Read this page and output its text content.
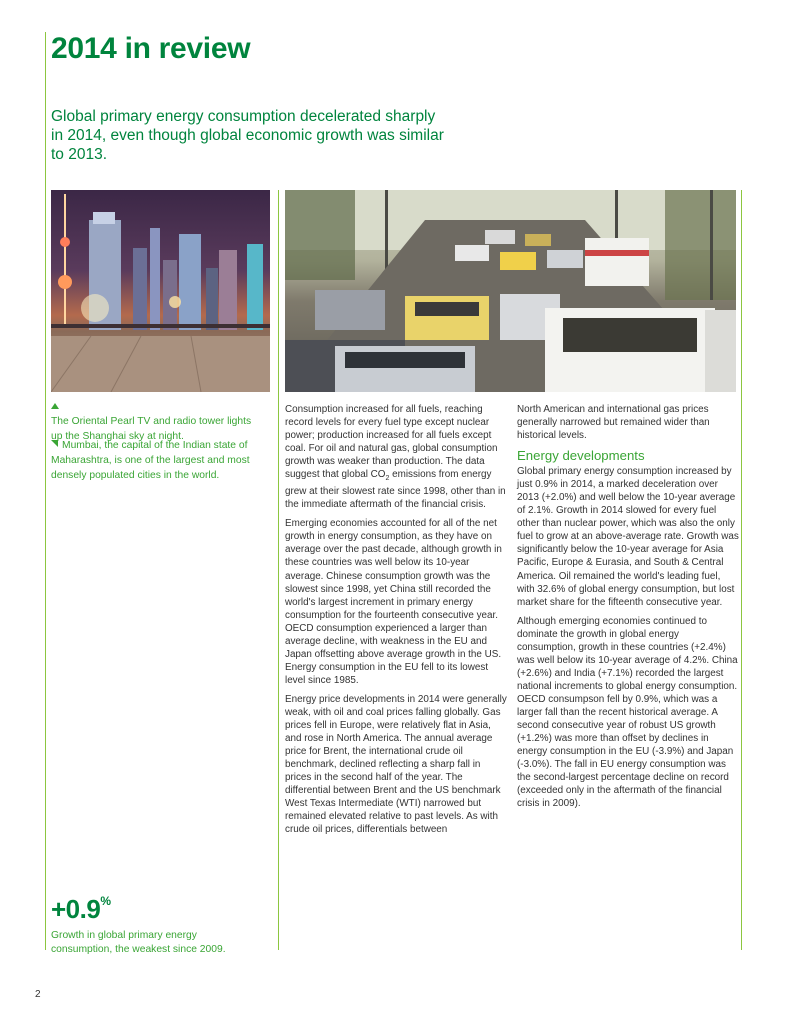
2014 in review

Global primary energy consumption decelerated sharply in 2014, even though global economic growth was similar to 2013.

The Oriental Pearl TV and radio tower lights up the Shanghai sky at night.

Mumbai, the capital of the Indian state of Maharashtra, is one of the largest and most densely populated cities in the world.

Consumption increased for all fuels, reaching record levels for every fuel type except nuclear power; production increased for all fuels except coal. For oil and natural gas, global consumption growth was weaker than production. The data suggest that global $CO_2$ emissions from energy grew at their slowest rate since 1998, other than in the immediate aftermath of the financial crisis.

Emerging economies accounted for all of the net growth in energy consumption, as they have on average over the past decade, although growth in these countries was well below its 10-year average. Chinese consumption growth was the slowest since 1998, yet China still recorded the world's largest increment in primary energy consumption for the fourteenth consecutive year. OECD consumption experienced a larger than average decline, with weakness in the EU and Japan offsetting above average growth in the US. Energy consumption in the EU fell to its lowest level since 1985.

Energy price developments in 2014 were generally weak, with oil and coal prices falling globally. Gas prices fell in Europe, were relatively flat in Asia, and rose in North America. The annual average price for Brent, the international crude oil benchmark, declined reflecting a sharp fall in prices in the second half of the year. The differential between Brent and the US benchmark West Texas Intermediate (WTI) narrowed but remained elevated relative to past levels. As with crude oil prices, differentials between

North American and international gas prices generally narrowed but remained wider than historical levels.

Energy developments

Global primary energy consumption increased by just 0.9% in 2014, a marked deceleration over 2013 (+2.0%) and well below the 10-year average of 2.1%. Growth in 2014 slowed for every fuel other than nuclear power, which was also the only fuel to grow at an above-average rate. Growth was significantly below the 10-year average for Asia Pacific, Europe & Eurasia, and South & Central America. Oil remained the world's leading fuel, with 32.6% of global energy consumption, but lost market share for the fifteenth consecutive year.

Although emerging economies continued to dominate the growth in global energy consumption, growth in these countries (+2.4%) was well below its 10-year average of 4.2%. China (+2.6%) and India (+7.1%) recorded the largest national increments to global energy consumption. OECD consumpson fell by 0.9%, which was a larger fall than the recent historical average. A second consecutive year of robust US growth (+1.2%) was more than offset by declines in energy consumption in the EU (-3.9%) and Japan (-3.0%). The fall in EU energy consumption was the second-largest percentage decline on record (exceeded only in the aftermath of the financial crisis in 2009).

+0.9%

Growth in global primary energy consumption, the weakest since 2009.

2
